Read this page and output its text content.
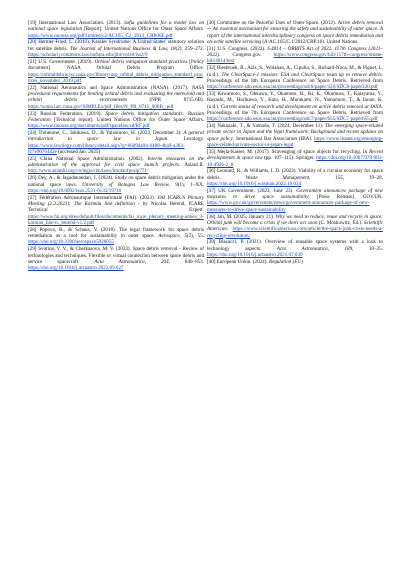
[19] International Law Association. (2013). Sofia guidelines for a model law on national space legislation [Report]. United Nations Office for Outer Space Affairs. https://www.unoosa.org/pdf/limited/c2/AC105_C2_2013_CRP06E.pdf

[20] Hermer-Fried, L. (2019). Kessler Syndrome: A United States' statutory solution for satellite debris. The Journal of International Business & Law, 18(2), 259–272. https://scholarlycommons.law.hofstra.edu/jibl/vol18/iss2/9

[21] U.S. Government. (2019). Orbital debris mitigation standard practices [Policy document]. NASA Orbital Debris Program Office. https://orbitaldebris.jsc.nasa.gov/library/usg_orbital_debris_mitigation_standard_practices_november_2019.pdf

[22] National Aeronautics and Space Administration (NASA). (2017). NASA procedural requirements for limiting orbital debris and evaluating the meteoroid and orbital debris environments (NPR 8715.6B). https://soma.larc.nasa.gov/SIMPLEx/pdf_files/N_PR_8715_006B_.pdf

[23] Russian Federation. (2019). Space debris mitigation standards: Russian Federation [Technical report]. United Nations Office for Outer Space Affairs. https://www.unoosa.org/documents/pdf/spacelaw/sd/RF.pdf

[24] Treheurne, C., Ishikawa, D., & Yatsumoto, H. (2023, December 3). A general introduction to space law in Japan. Lexology. https://www.lexology.com/library/detail.aspx?g=66d9da94-6488-4ba9-a383-fc7e9076442e (accessed Jan. 2025)

[25] China National Space Administration. (2002). Interim measures on the administration of the approval for civil space launch projects. AsianLII. http://www.asianlii.org/cn/legis/cen/laws/imotaofpcslp771/

[26] Dey, A., & Jagadanandan, J. (2024). Study on space debris mitigation under the national space laws. University of Bologna Law Review, 9(1), 1–XX. https://doi.org/10.6092/issn.2531-6133/19718

[27] Fédération Aéronautique Internationale (FAI). (2023). FAI ICARUS Plenary Meeting (2.3.2023): The Kármán line definition - by Nicolas Bérend, ICARE Technical Expert. https://www.fai.org/sites/default/files/documents/fai_icare_plenary_meeting-annex_3-karman_line-n._berend-v1.2.pdf

[28] Popova, R., & Schaus, V. (2018). The legal framework for space debris remediation as a tool for sustainability in outer space. Aerospace, 5(2), 55. https://doi.org/10.3390/aerospace5020055

[29] Svotina, V. V., & Cherkasova, M. V. (2023). Space debris removal - Review of technologies and techniques. Flexible or virtual connection between space debris and service spacecraft. Acta Astronautica, 204, 840–853. https://doi.org/10.1016/j.actaastro.2022.09.027

[30] Committee on the Peaceful Uses of Outer Space. (2012). Active debris removal — An essential mechanism for ensuring the safety and sustainability of outer space: A report of the international interdisciplinary congress on space debris remediation and on-orbit satellite servicing (A/AC.105/C.1/2012/CRP.16). United Nations.

[31] U.S. Congress. (2022). S.4814 – ORBITS Act of 2022. 117th Congress (2021–2022). Congress.gov. https://www.congress.gov/bill/117th-congress/senate-bill/4814/text

[32] Biesbroek, R., Aziz, S., Wolahan, A., Cipolla, S., Richard-Noca, M., & Piguet, L. (n.d.). The ClearSpace-1 mission: ESA and ClearSpace team up to remove debris. Proceedings of the 8th European Conference on Space Debris. Retrieved from https://conference.sdo.esoc.esa.int/proceedings/sdc8/paper/320/SDC8-paper320.pdf

[33] Kawamoto, S., Ohkawa, Y., Okamoto, H., Iki, K., Okumura, T., Katayama, Y., Hayashi, M., Horikawa, Y., Kato, H., Murakami, N., Yamamoto, T., & Inoue, K. (n.d.). Current status of research and development on active debris removal at JAXA. Proceedings of the 7th European Conference on Space Debris. Retrieved from https://conference.sdo.esoc.esa.int/proceedings/sdc7/paper/655/SDC7-paper655.pdf

[34] Nakazaki, T., & Yamada, T. (2024, December 11). The emerging space-related private sector in Japan and the legal framework: Background and recent updates on space policy. International Bar Association (IBA). https://www.ibanet.org/emerging-space-related-private-sector-in-japan-legal

[35] Mejía-Kaiser, M. (2017). Scavenging of space objects for recycling. In Recent developments in space law (pp. 107–115). Springer. https://doi.org/10.1007/978-981-10-4926-2_8

[36] Leonard, R., & Williams, I. D. (2023). Viability of a circular economy for space debris. Waste Management, 155, 19–28. https://doi.org/10.1016/j.wasman.2022.10.024

[37] UK Government. (2022, June 23). Government announces package of new measures to drive space sustainability. [Press Release]. GOV.UK. https://www.gov.uk/government/news/government-announces-package-of-new-measures-to-drive-space-sustainability

[38] Jah, M. (2025, January 21). Why we need to reduce, reuse and recycle in space: Orbital junk will become a crisis if we don't act soon (C. Moskowitz, Ed.). Scientific American. https://www.scientificamerican.com/article/the-space-junk-crisis-needs-a-recycling-revolution/

[39] Blasucci, P. (2021). Overview of reusable space systems with a look to technology aspects. Acta Astronautica, 189, 10–25. https://doi.org/10.1016/j.actaastro.2021.07.039

[40] European Union. (2024). Regulation (EU)
